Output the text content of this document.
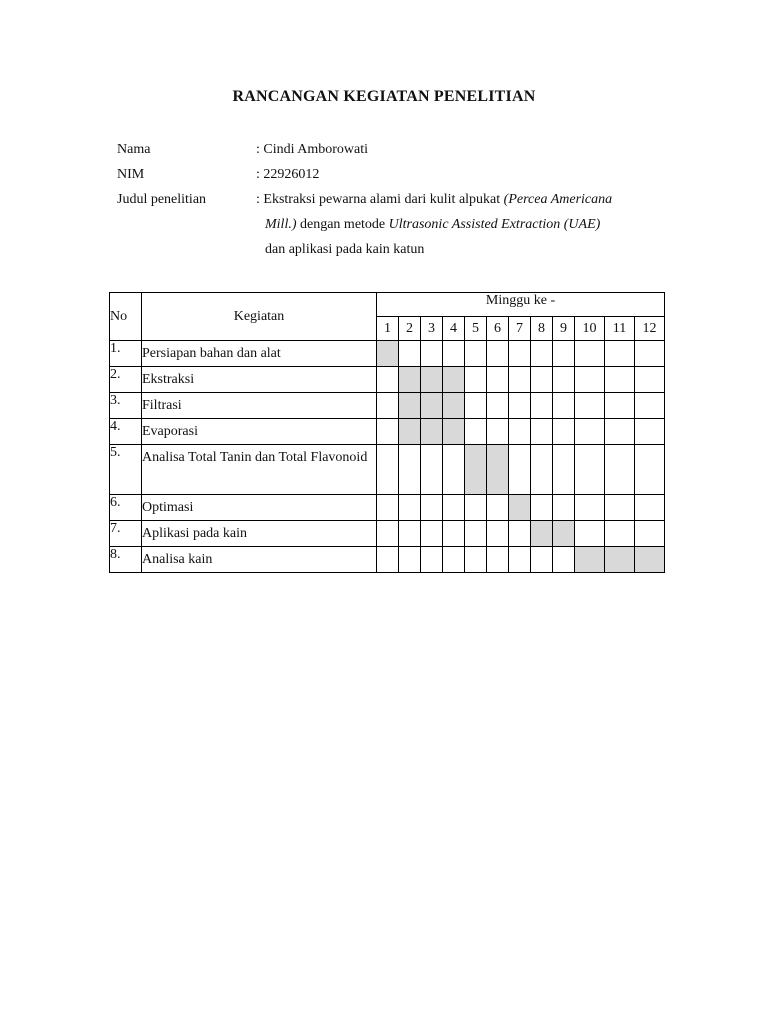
RANCANGAN KEGIATAN PENELITIAN
Nama	: Cindi Amborowati
NIM	: 22926012
Judul penelitian	: Ekstraksi pewarna alami dari kulit alpukat (Percea Americana
Mill.) dengan metode Ultrasonic Assisted Extraction (UAE)
dan aplikasi pada kain katun
No	Kegiatan	Minggu ke -											
		1	2	3	4	5	6	7	8	9	10	11	12
1.	Persiapan bahan dan alat												
2.	Ekstraksi												
3.	Filtrasi												
4.	Evaporasi												
5.	Analisa Total Tanin dan Total Flavonoid												
6.	Optimasi												
7.	Aplikasi pada kain												
8.	Analisa kain												
